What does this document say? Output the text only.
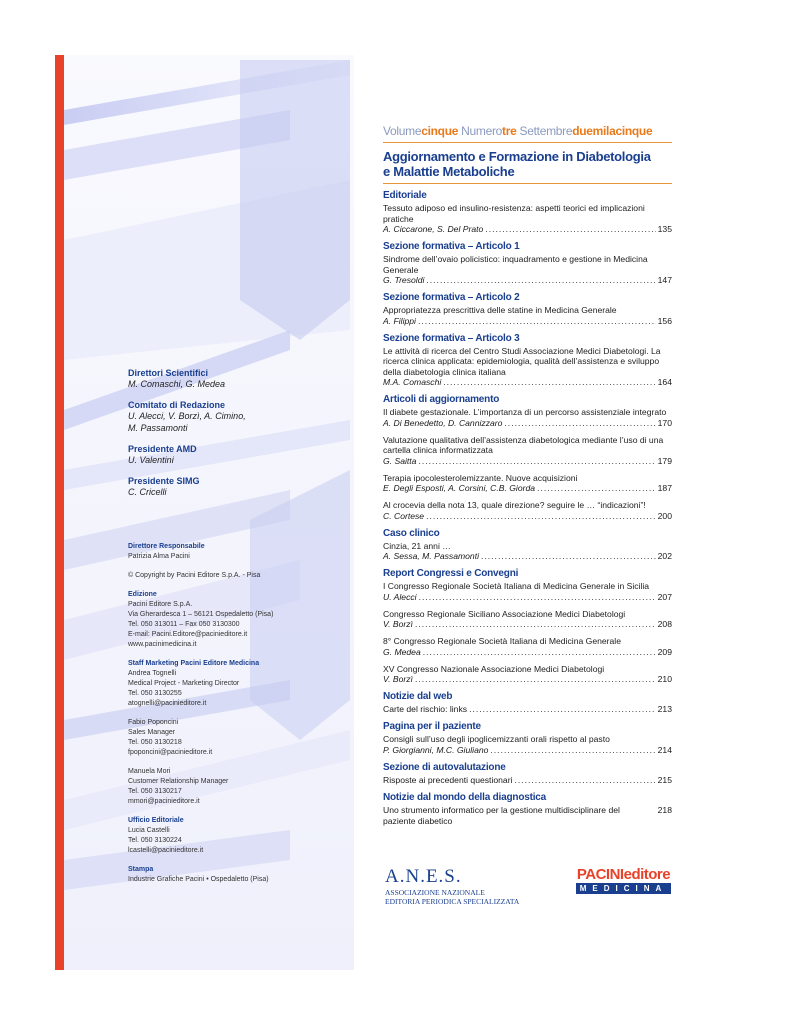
Direttori Scientifici
M. Comaschi, G. Medea
Comitato di Redazione
U. Alecci, V. Borzì, A. Cimino,
M. Passamonti
Presidente AMD
U. Valentini
Presidente SIMG
C. Cricelli
Direttore Responsabile
Patrizia Alma Pacini
© Copyright by Pacini Editore S.p.A. - Pisa
Edizione
Pacini Editore S.p.A.
Via Gherardesca 1 – 56121 Ospedaletto (Pisa)
Tel. 050 313011 – Fax 050 3130300
E-mail: Pacini.Editore@pacinieditore.it
www.pacinimedicina.it
Staff Marketing Pacini Editore Medicina
Andrea Tognelli
Medical Project - Marketing Director
Tel. 050 3130255
atognelli@pacinieditore.it
Fabio Poponcini
Sales Manager
Tel. 050 3130218
fpoponcini@pacinieditore.it
Manuela Mori
Customer Relationship Manager
Tel. 050 3130217
mmori@pacinieditore.it
Ufficio Editoriale
Lucia Castelli
Tel. 050 3130224
lcastelli@pacinieditore.it
Stampa
Industrie Grafiche Pacini • Ospedaletto (Pisa)
Volumecinque Numerotre Settembreduemilacinque
Aggiornamento e Formazione in Diabetologia
e Malattie Metaboliche
Editoriale
Tessuto adiposo ed insulino-resistenza: aspetti teorici ed implicazioni pratiche
A. Ciccarone, S. Del Prato .....	135
Sezione formativa – Articolo 1
Sindrome dell’ovaio policistico: inquadramento e gestione in Medicina Generale
G. Tresoldi .....	147
Sezione formativa – Articolo 2
Appropriatezza prescrittiva delle statine in Medicina Generale
A. Filippi .....	156
Sezione formativa – Articolo 3
Le attività di ricerca del Centro Studi Associazione Medici Diabetologi. La ricerca clinica applicata: epidemiologia, qualità dell’assistenza e sviluppo della diabetologia clinica italiana
M.A. Comaschi .....	164
Articoli di aggiornamento
Il diabete gestazionale. L’importanza di un percorso assistenziale integrato
A. Di Benedetto, D. Cannizzaro .....	170
Valutazione qualitativa dell’assistenza diabetologica mediante l’uso di una cartella clinica informatizzata
G. Saitta .....	179
Terapia ipocolesterolemizzante. Nuove acquisizioni
E. Degli Esposti, A. Corsini, C.B. Giorda .....	187
Al crocevia della nota 13, quale direzione? seguire le … “indicazioni”!
C. Cortese .....	200
Caso clinico
Cinzia, 21 anni …
A. Sessa, M. Passamonti .....	202
Report Congressi e Convegni
I Congresso Regionale Società Italiana di Medicina Generale in Sicilia
U. Alecci .....	207
Congresso Regionale Siciliano Associazione Medici Diabetologi
V. Borzì .....	208
8° Congresso Regionale Società Italiana di Medicina Generale
G. Medea .....	209
XV Congresso Nazionale Associazione Medici Diabetologi
V. Borzì .....	210
Notizie dal web
Carte del rischio: links .....	213
Pagina per il paziente
Consigli sull’uso degli ipoglicemizzanti orali rispetto al pasto
P. Giorgianni, M.C. Giuliano .....	214
Sezione di autovalutazione
Risposte ai precedenti questionari .....	215
Notizie dal mondo della diagnostica
Uno strumento informatico per la gestione multidisciplinare del paziente diabetico
218
A.N.E.S.
ASSOCIAZIONE NAZIONALE
EDITORIA PERIODICA SPECIALIZZATA
PACINIeditore
MEDICINA
